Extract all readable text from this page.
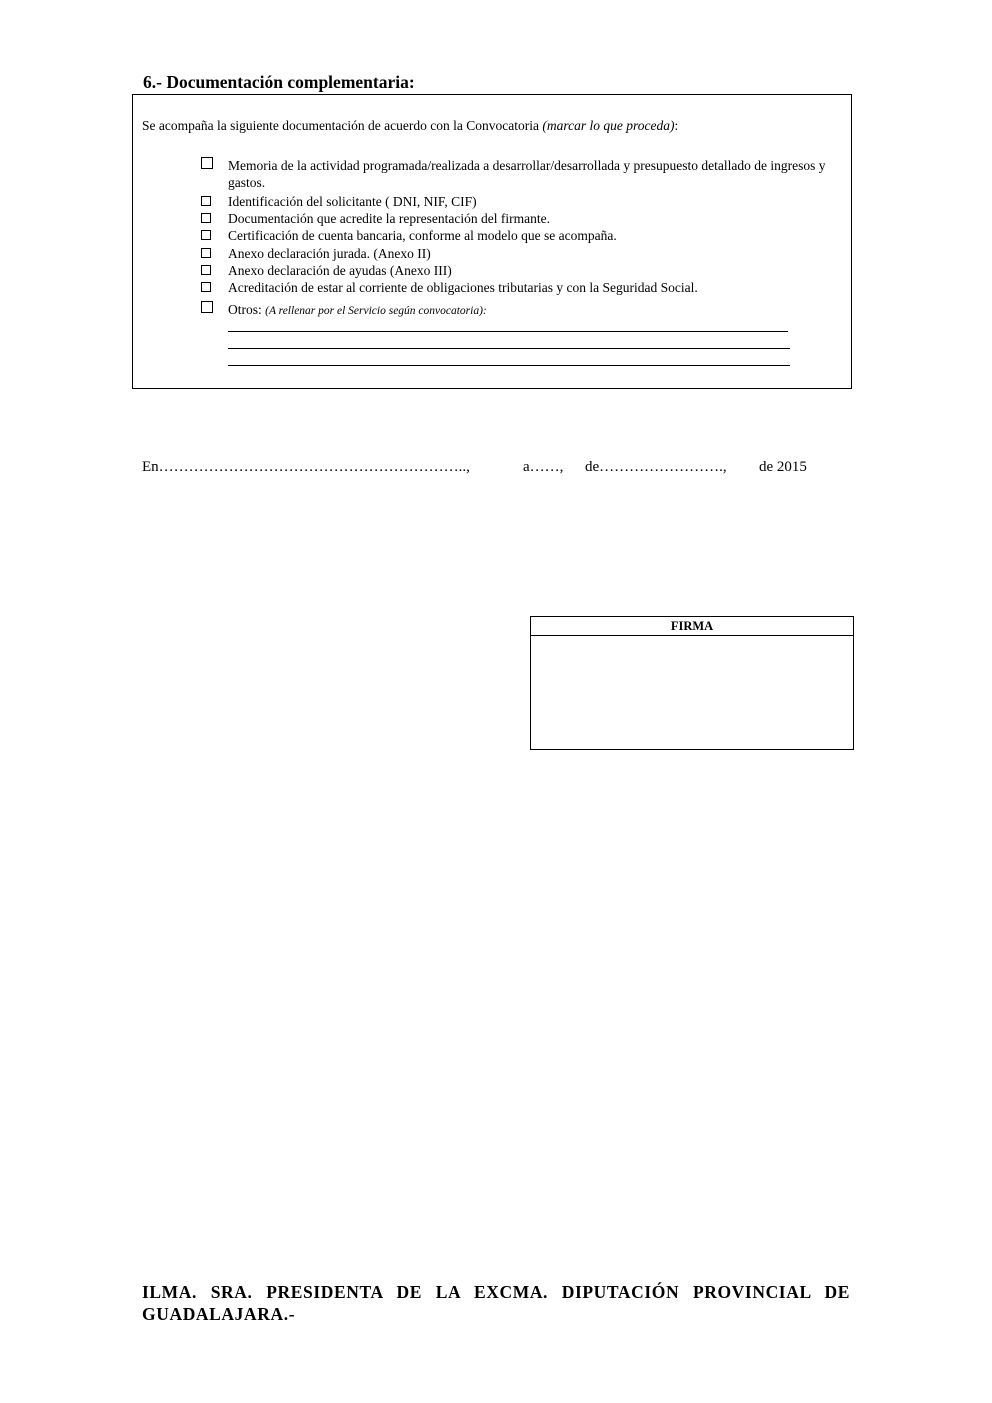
6.- Documentación complementaria:
Se acompaña la siguiente documentación de acuerdo con la Convocatoria (marcar lo que proceda):
Memoria de la actividad programada/realizada a desarrollar/desarrollada y presupuesto detallado de ingresos y gastos.
Identificación del solicitante ( DNI, NIF, CIF)
Documentación que acredite la representación del firmante.
Certificación de cuenta bancaria, conforme al modelo que se acompaña.
Anexo declaración jurada. (Anexo II)
Anexo declaración de ayudas (Anexo III)
Acreditación de estar al corriente de obligaciones tributarias y con la Seguridad Social.
Otros: (A rellenar por el Servicio según convocatoria):
En……………………………………………………..,	a……, de……………………., de 2015
FIRMA
ILMA. SRA. PRESIDENTA DE LA EXCMA. DIPUTACIÓN PROVINCIAL DE
GUADALAJARA.-
